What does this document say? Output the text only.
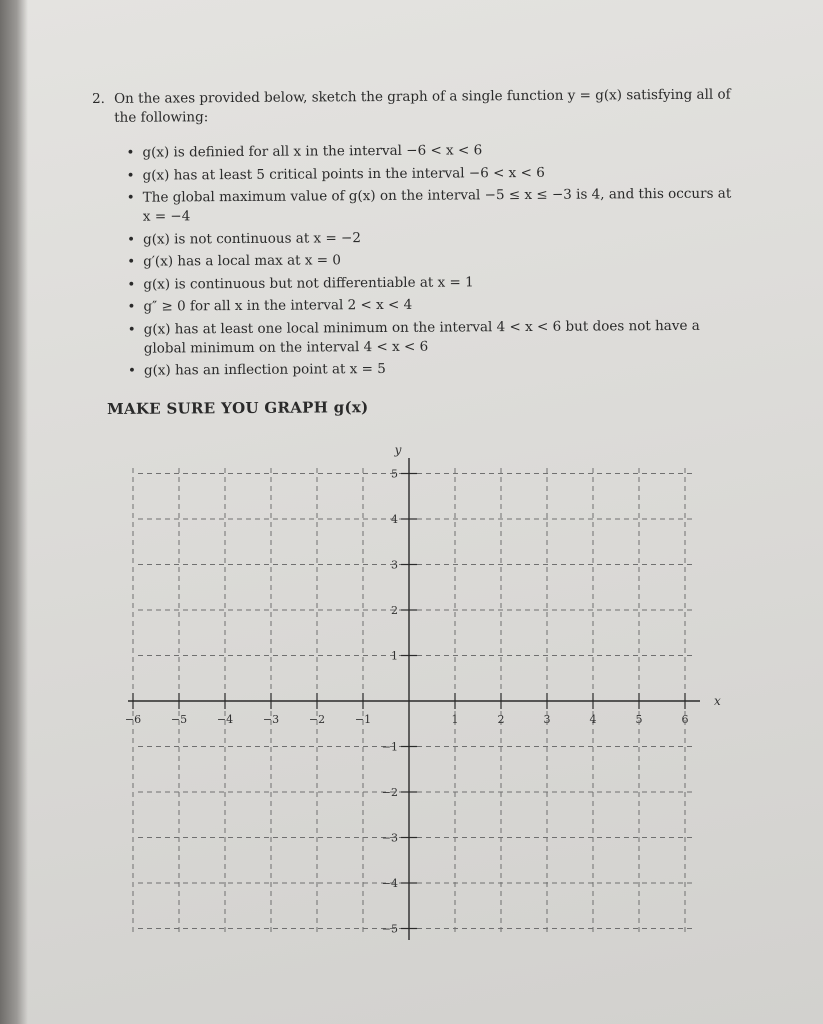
2. On the axes provided below, sketch the graph of a single function y = g(x) satisfying all of the following:
• g(x) is definied for all x in the interval −6 < x < 6
• g(x) has at least 5 critical points in the interval −6 < x < 6
• The global maximum value of g(x) on the interval −5 ≤ x ≤ −3 is 4, and this occurs at x = −4
• g(x) is not continuous at x = −2
• g′(x) has a local max at x = 0
• g(x) is continuous but not differentiable at x = 1
• g″ ≥ 0 for all x in the interval 2 < x < 4
• g(x) has at least one local minimum on the interval 4 < x < 6 but does not have a global minimum on the interval 4 < x < 6
• g(x) has an inflection point at x = 5
MAKE SURE YOU GRAPH g(x)
−6	−5	−4	−3	−2	−1	1	2	3	4	5	6
5
4
3
2
1
−1
−2
−3
−4
−5
x
y
